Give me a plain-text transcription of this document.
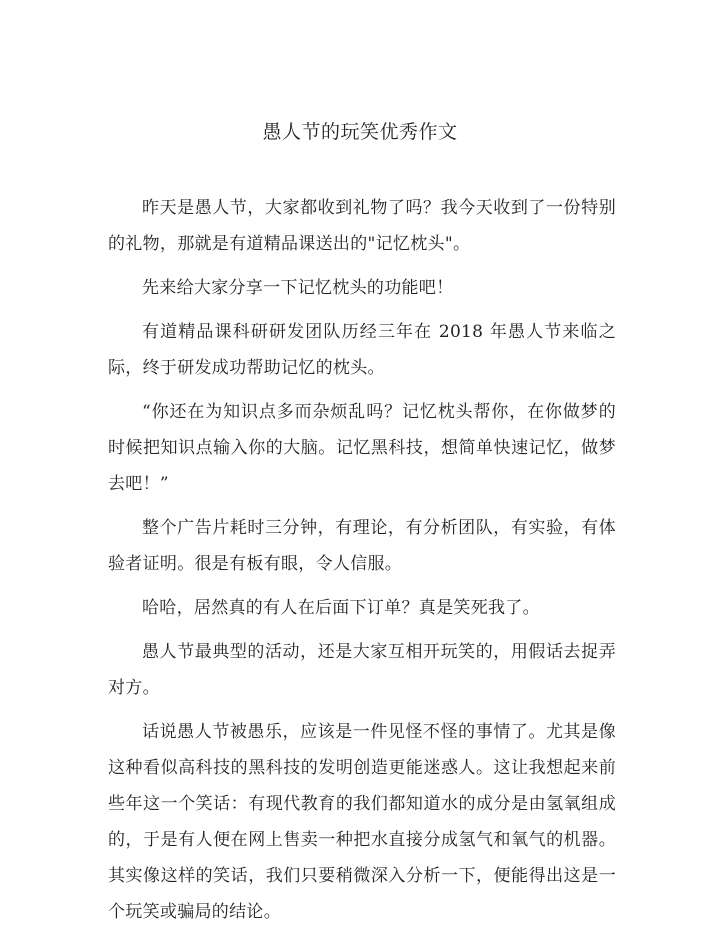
愚人节的玩笑优秀作文

昨天是愚人节，大家都收到礼物了吗？我今天收到了一份特别的礼物，那就是有道精品课送出的"记忆枕头"。

先来给大家分享一下记忆枕头的功能吧！

有道精品课科研研发团队历经三年在 2018 年愚人节来临之际，终于研发成功帮助记忆的枕头。

“你还在为知识点多而杂烦乱吗？记忆枕头帮你，在你做梦的时候把知识点输入你的大脑。记忆黑科技，想简单快速记忆，做梦去吧！”

整个广告片耗时三分钟，有理论，有分析团队，有实验，有体验者证明。很是有板有眼，令人信服。

哈哈，居然真的有人在后面下订单？真是笑死我了。

愚人节最典型的活动，还是大家互相开玩笑的，用假话去捉弄对方。

话说愚人节被愚乐，应该是一件见怪不怪的事情了。尤其是像这种看似高科技的黑科技的发明创造更能迷惑人。这让我想起来前些年这一个笑话：有现代教育的我们都知道水的成分是由氢氧组成的，于是有人便在网上售卖一种把水直接分成氢气和氧气的机器。其实像这样的笑话，我们只要稍微深入分析一下，便能得出这是一个玩笑或骗局的结论。
